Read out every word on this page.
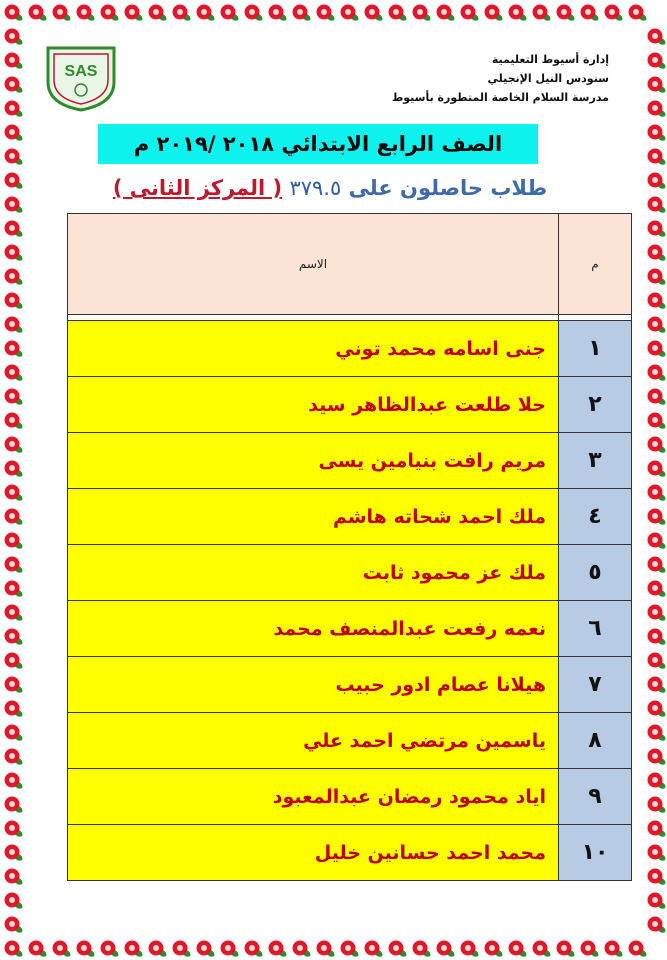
SAS
إدارة أسيوط التعليمية
سنودس النيل الإنجيلي
مدرسة السلام الخاصة المتطورة بأسيوط
الصف الرابع الابتدائي ٢٠١٨ /٢٠١٩ م
طلاب حاصلون على ٣٧٩.٥ ( المركز الثانى )
م	الاسم

١	جنى اسامه محمد توني
٢	حلا طلعت عبدالظاهر سيد
٣	مريم رافت بنيامين يسى
٤	ملك احمد شحاته هاشم
٥	ملك عز محمود ثابت
٦	نعمه رفعت عبدالمنصف محمد
٧	هيلانا عصام ادور حبيب
٨	ياسمين مرتضي احمد علي
٩	اياد محمود رمضان عبدالمعبود
١٠	محمد احمد حسانين خليل
